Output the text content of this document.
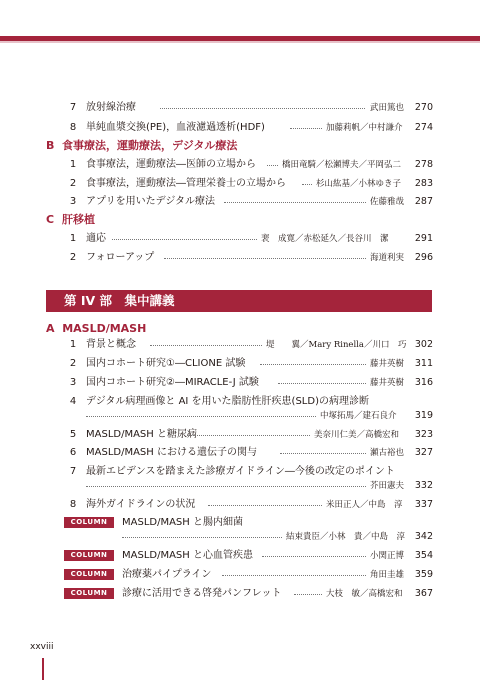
7 放射線治療	武田篤也	270
8 単純血漿交換(PE)，血液濾過透析(HDF)	加藤莉帆／中村謙介	274
B 食事療法，運動療法，デジタル療法
1 食事療法，運動療法―医師の立場から	橋田竜騎／松瀬博夫／平岡弘二	278
2 食事療法，運動療法―管理栄養士の立場から	杉山紘基／小林ゆき子	283
3 アプリを用いたデジタル療法	佐藤雅哉	287
C 肝移植
1 適応	裵　成寛／赤松延久／長谷川　潔	291
2 フォローアップ	海道利実	296
第 IV 部　集中講義
A MASLD/MASH
1 背景と概念	堤　　翼／Mary Rinella／川口　巧 302
2 国内コホート研究①―CLIONE 試験	藤井英樹	311
3 国内コホート研究②―MIRACLE-J 試験	藤井英樹	316
4 デジタル病理画像と AI を用いた脂肪性肝疾患(SLD)の病理診断
中塚拓馬／建石良介	319
5 MASLD/MASH と糖尿病	美奈川仁美／高橋宏和	323
6 MASLD/MASH における遺伝子の関与	瀬古裕也	327
7 最新エビデンスを踏まえた診療ガイドライン―今後の改定のポイント
芥田憲夫	332
8 海外ガイドラインの状況	米田正人／中島　淳	337
COLUMN	MASLD/MASH と腸内細菌
結束貴臣／小林　貴／中島　淳	342
COLUMN	MASLD/MASH と心血管疾患	小関正博	354
COLUMN	治療薬パイプライン	角田圭雄	359
COLUMN	診療に活用できる啓発パンフレット	大枝　敏／高橋宏和	367
xxviii
